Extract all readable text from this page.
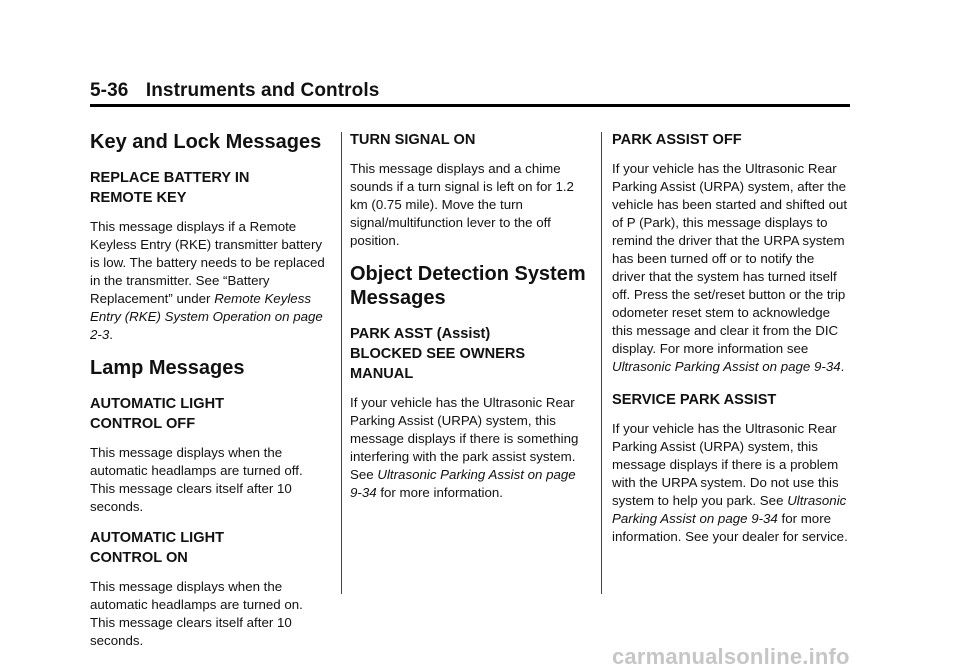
5-36 Instruments and Controls
Key and Lock Messages
REPLACE BATTERY IN
REMOTE KEY

This message displays if a Remote Keyless Entry (RKE) transmitter battery is low. The battery needs to be replaced in the transmitter. See “Battery Replacement” under Remote Keyless Entry (RKE) System Operation on page 2-3.

Lamp Messages
AUTOMATIC LIGHT
CONTROL OFF

This message displays when the automatic headlamps are turned off. This message clears itself after 10 seconds.

AUTOMATIC LIGHT
CONTROL ON

This message displays when the automatic headlamps are turned on. This message clears itself after 10 seconds.

TURN SIGNAL ON

This message displays and a chime sounds if a turn signal is left on for 1.2 km (0.75 mile). Move the turn signal/multifunction lever to the off position.

Object Detection System
Messages
PARK ASST (Assist)
BLOCKED SEE OWNERS
MANUAL

If your vehicle has the Ultrasonic Rear Parking Assist (URPA) system, this message displays if there is something interfering with the park assist system. See Ultrasonic Parking Assist on page 9-34 for more information.

PARK ASSIST OFF

If your vehicle has the Ultrasonic Rear Parking Assist (URPA) system, after the vehicle has been started and shifted out of P (Park), this message displays to remind the driver that the URPA system has been turned off or to notify the driver that the system has turned itself off. Press the set/reset button or the trip odometer reset stem to acknowledge this message and clear it from the DIC display. For more information see Ultrasonic Parking Assist on page 9-34.

SERVICE PARK ASSIST

If your vehicle has the Ultrasonic Rear Parking Assist (URPA) system, this message displays if there is a problem with the URPA system. Do not use this system to help you park. See Ultrasonic Parking Assist on page 9-34 for more information. See your dealer for service.

carmanualsonline.info
